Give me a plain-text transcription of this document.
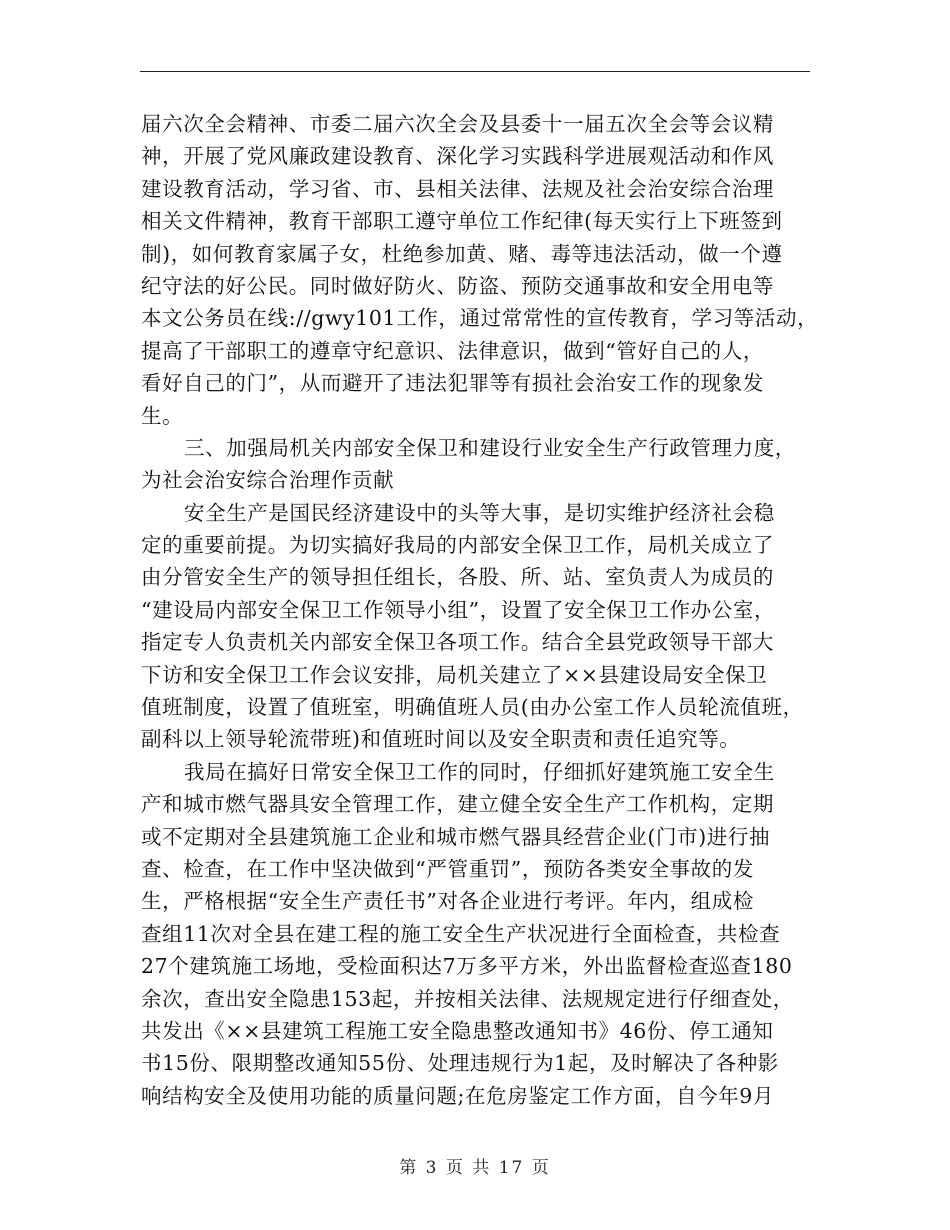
届六次全会精神、市委二届六次全会及县委十一届五次全会等会议精
神，开展了党风廉政建设教育、深化学习实践科学进展观活动和作风
建设教育活动，学习省、市、县相关法律、法规及社会治安综合治理
相关文件精神，教育干部职工遵守单位工作纪律(每天实行上下班签到
制)，如何教育家属子女，杜绝参加黄、赌、毒等违法活动，做一个遵
纪守法的好公民。同时做好防火、防盗、预防交通事故和安全用电等
本文公务员在线://gwy101工作，通过常常性的宣传教育，学习等活动，
提高了干部职工的遵章守纪意识、法律意识，做到“管好自己的人，
看好自己的门”，从而避开了违法犯罪等有损社会治安工作的现象发
生。
三、加强局机关内部安全保卫和建设行业安全生产行政管理力度，
为社会治安综合治理作贡献
安全生产是国民经济建设中的头等大事，是切实维护经济社会稳
定的重要前提。为切实搞好我局的内部安全保卫工作，局机关成立了
由分管安全生产的领导担任组长，各股、所、站、室负责人为成员的
“建设局内部安全保卫工作领导小组”，设置了安全保卫工作办公室，
指定专人负责机关内部安全保卫各项工作。结合全县党政领导干部大
下访和安全保卫工作会议安排，局机关建立了××县建设局安全保卫
值班制度，设置了值班室，明确值班人员(由办公室工作人员轮流值班，
副科以上领导轮流带班)和值班时间以及安全职责和责任追究等。
我局在搞好日常安全保卫工作的同时，仔细抓好建筑施工安全生
产和城市燃气器具安全管理工作，建立健全安全生产工作机构，定期
或不定期对全县建筑施工企业和城市燃气器具经营企业(门市)进行抽
查、检查，在工作中坚决做到“严管重罚”，预防各类安全事故的发
生，严格根据“安全生产责任书”对各企业进行考评。年内，组成检
查组11次对全县在建工程的施工安全生产状况进行全面检查，共检查
27个建筑施工场地，受检面积达7万多平方米，外出监督检查巡查180
余次，查出安全隐患153起，并按相关法律、法规规定进行仔细查处，
共发出《××县建筑工程施工安全隐患整改通知书》46份、停工通知
书15份、限期整改通知55份、处理违规行为1起，及时解决了各种影
响结构安全及使用功能的质量问题;在危房鉴定工作方面，自今年9月
第 3 页 共 17 页
